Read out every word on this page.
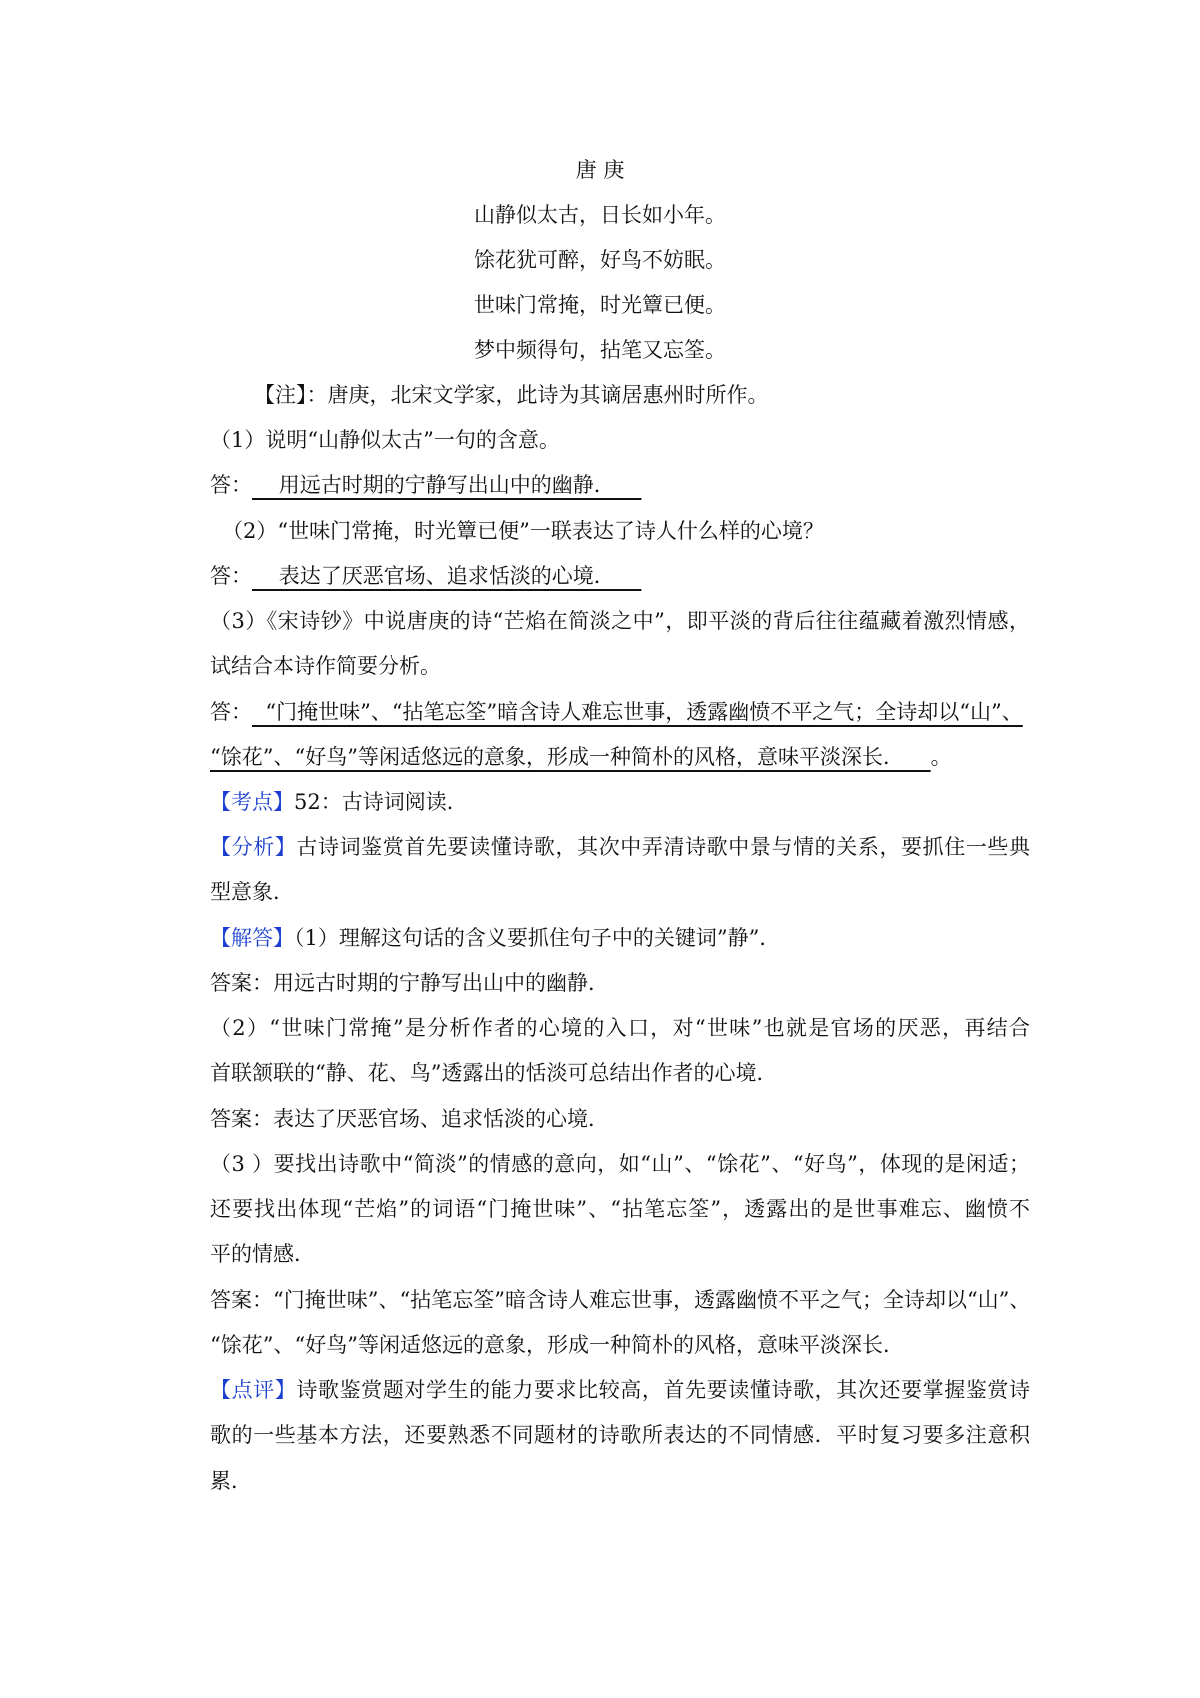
唐 庚
山静似太古，日长如小年。
馀花犹可醉，好鸟不妨眠。
世味门常掩，时光簟已便。
梦中频得句，拈笔又忘筌。
【注】：唐庚，北宋文学家，此诗为其谪居惠州时所作。
（1）说明“山静似太古”一句的含意。
答：    用远古时期的宁静写出山中的幽静．
（2）“世味门常掩，时光簟已便”一联表达了诗人什么样的心境？
答：    表达了厌恶官场、追求恬淡的心境．
（3）《宋诗钞》中说唐庚的诗“芒焰在简淡之中”，即平淡的背后往往蕴藏着激烈情感，
试结合本诗作简要分析。
答：  “门掩世味”、“拈笔忘筌”暗含诗人难忘世事，透露幽愤不平之气；全诗却以“山”、
“馀花”、“好鸟”等闲适悠远的意象，形成一种简朴的风格，意味平淡深长．    。
【考点】52：古诗词阅读．
【分析】古诗词鉴赏首先要读懂诗歌，其次中弄清诗歌中景与情的关系，要抓住一些典
型意象．
【解答】（1）理解这句话的含义要抓住句子中的关键词”静”．
答案：用远古时期的宁静写出山中的幽静．
（2）“世味门常掩”是分析作者的心境的入口，对“世味”也就是官场的厌恶，再结合
首联颔联的“静、花、鸟”透露出的恬淡可总结出作者的心境．
答案：表达了厌恶官场、追求恬淡的心境．
（3 ）要找出诗歌中“简淡”的情感的意向，如“山”、“馀花”、“好鸟”，体现的是闲适；
还要找出体现“芒焰”的词语“门掩世味”、“拈笔忘筌”，透露出的是世事难忘、幽愤不
平的情感．
答案：“门掩世味”、“拈笔忘筌”暗含诗人难忘世事，透露幽愤不平之气；全诗却以“山”、
“馀花”、“好鸟”等闲适悠远的意象，形成一种简朴的风格，意味平淡深长．
【点评】诗歌鉴赏题对学生的能力要求比较高，首先要读懂诗歌，其次还要掌握鉴赏诗
歌的一些基本方法，还要熟悉不同题材的诗歌所表达的不同情感．平时复习要多注意积
累．
